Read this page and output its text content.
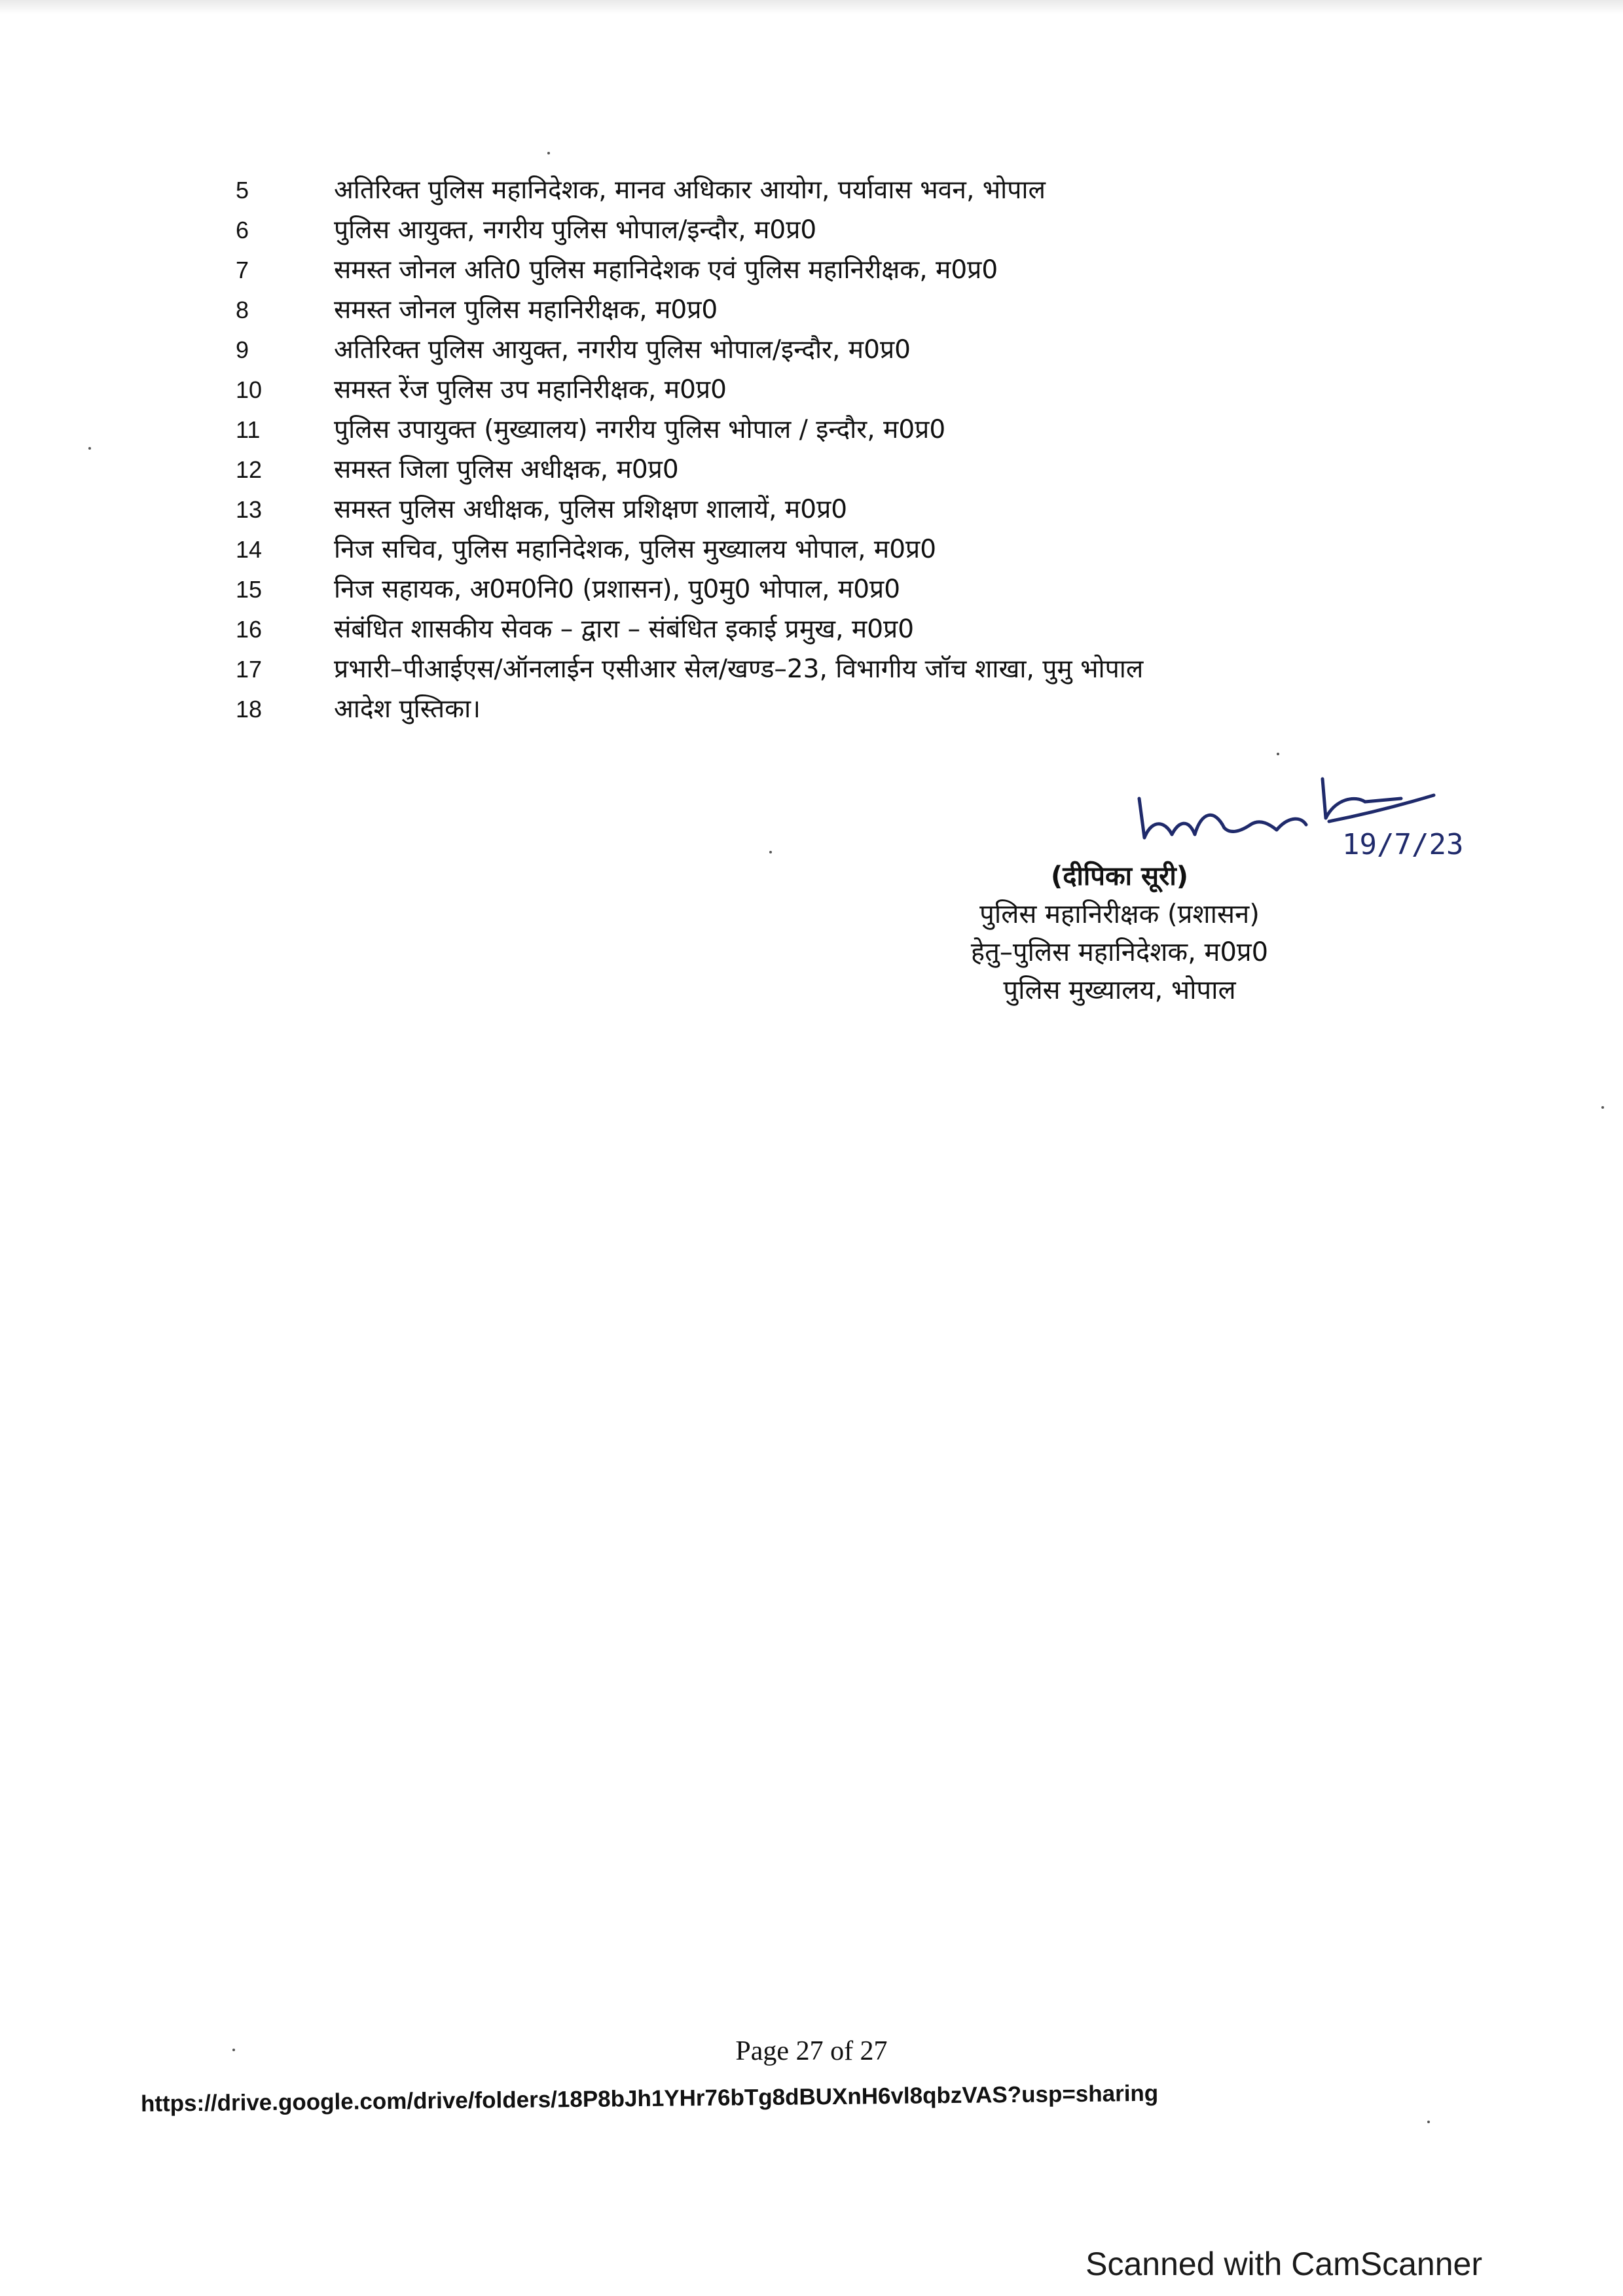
5	अतिरिक्त पुलिस महानिदेशक, मानव अधिकार आयोग, पर्यावास भवन, भोपाल
6	पुलिस आयुक्त, नगरीय पुलिस भोपाल/इन्दौर, म0प्र0
7	समस्त जोनल अति0 पुलिस महानिदेशक एवं पुलिस महानिरीक्षक, म0प्र0
8	समस्त जोनल पुलिस महानिरीक्षक, म0प्र0
9	अतिरिक्त पुलिस आयुक्त, नगरीय पुलिस भोपाल/इन्दौर, म0प्र0
10	समस्त रेंज पुलिस उप महानिरीक्षक, म0प्र0
11	पुलिस उपायुक्त (मुख्यालय) नगरीय पुलिस भोपाल / इन्दौर, म0प्र0
12	समस्त जिला पुलिस अधीक्षक, म0प्र0
13	समस्त पुलिस अधीक्षक, पुलिस प्रशिक्षण शालायें, म0प्र0
14	निज सचिव, पुलिस महानिदेशक, पुलिस मुख्यालय भोपाल, म0प्र0
15	निज सहायक, अ0म0नि0 (प्रशासन), पु0मु0 भोपाल, म0प्र0
16	संबंधित शासकीय सेवक – द्वारा – संबंधित इकाई प्रमुख, म0प्र0
17	प्रभारी–पीआईएस/ऑनलाईन एसीआर सेल/खण्ड–23, विभागीय जॉच शाखा, पुमु भोपाल
18	आदेश पुस्तिका।
19/7/23
(दीपिका सूरी)
पुलिस महानिरीक्षक (प्रशासन)
हेतु–पुलिस महानिदेशक, म0प्र0
पुलिस मुख्यालय, भोपाल
Page 27 of 27
https://drive.google.com/drive/folders/18P8bJh1YHr76bTg8dBUXnH6vl8qbzVAS?usp=sharing
Scanned with CamScanner
